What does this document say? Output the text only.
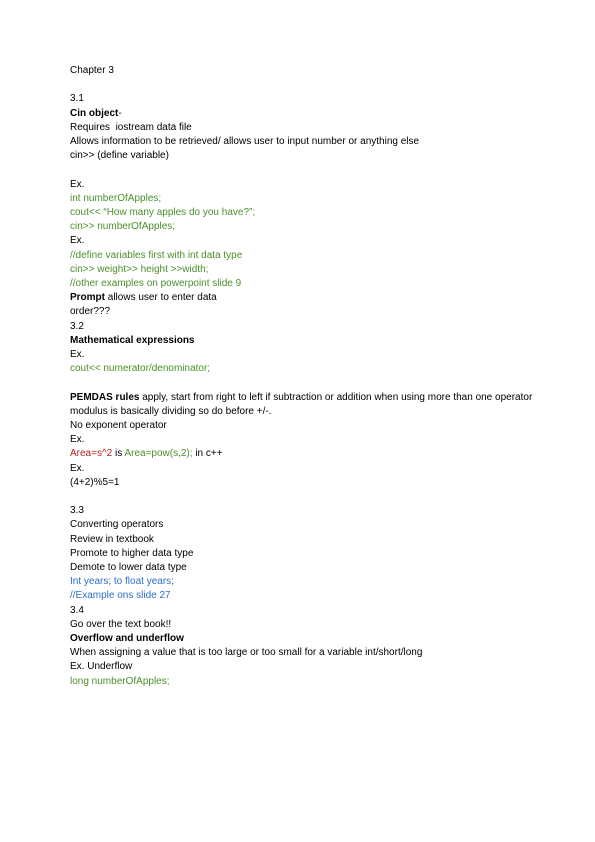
Chapter 3
3.1
Cin object-
Requires  iostream data file
Allows information to be retrieved/ allows user to input number or anything else
cin>> (define variable)
Ex.
int numberOfApples;
cout<< “How many apples do you have?”;
cin>> numberOfApples;
Ex.
//define variables first with int data type
cin>> weight>> height >>width;
//other examples on powerpoint slide 9
Prompt allows user to enter data
order???
3.2
Mathematical expressions
Ex.
cout<< numerator/denominator;
PEMDAS rules apply, start from right to left if subtraction or addition when using more than one operator modulus is basically dividing so do before +/-.
No exponent operator
Ex.
Area=s^2 is Area=pow(s,2); in c++
Ex.
(4+2)%5=1
3.3
Converting operators
Review in textbook
Promote to higher data type
Demote to lower data type
Int years; to float years;
//Example ons slide 27
3.4
Go over the text book!!
Overflow and underflow
When assigning a value that is too large or too small for a variable int/short/long
Ex. Underflow
long numberOfApples;
